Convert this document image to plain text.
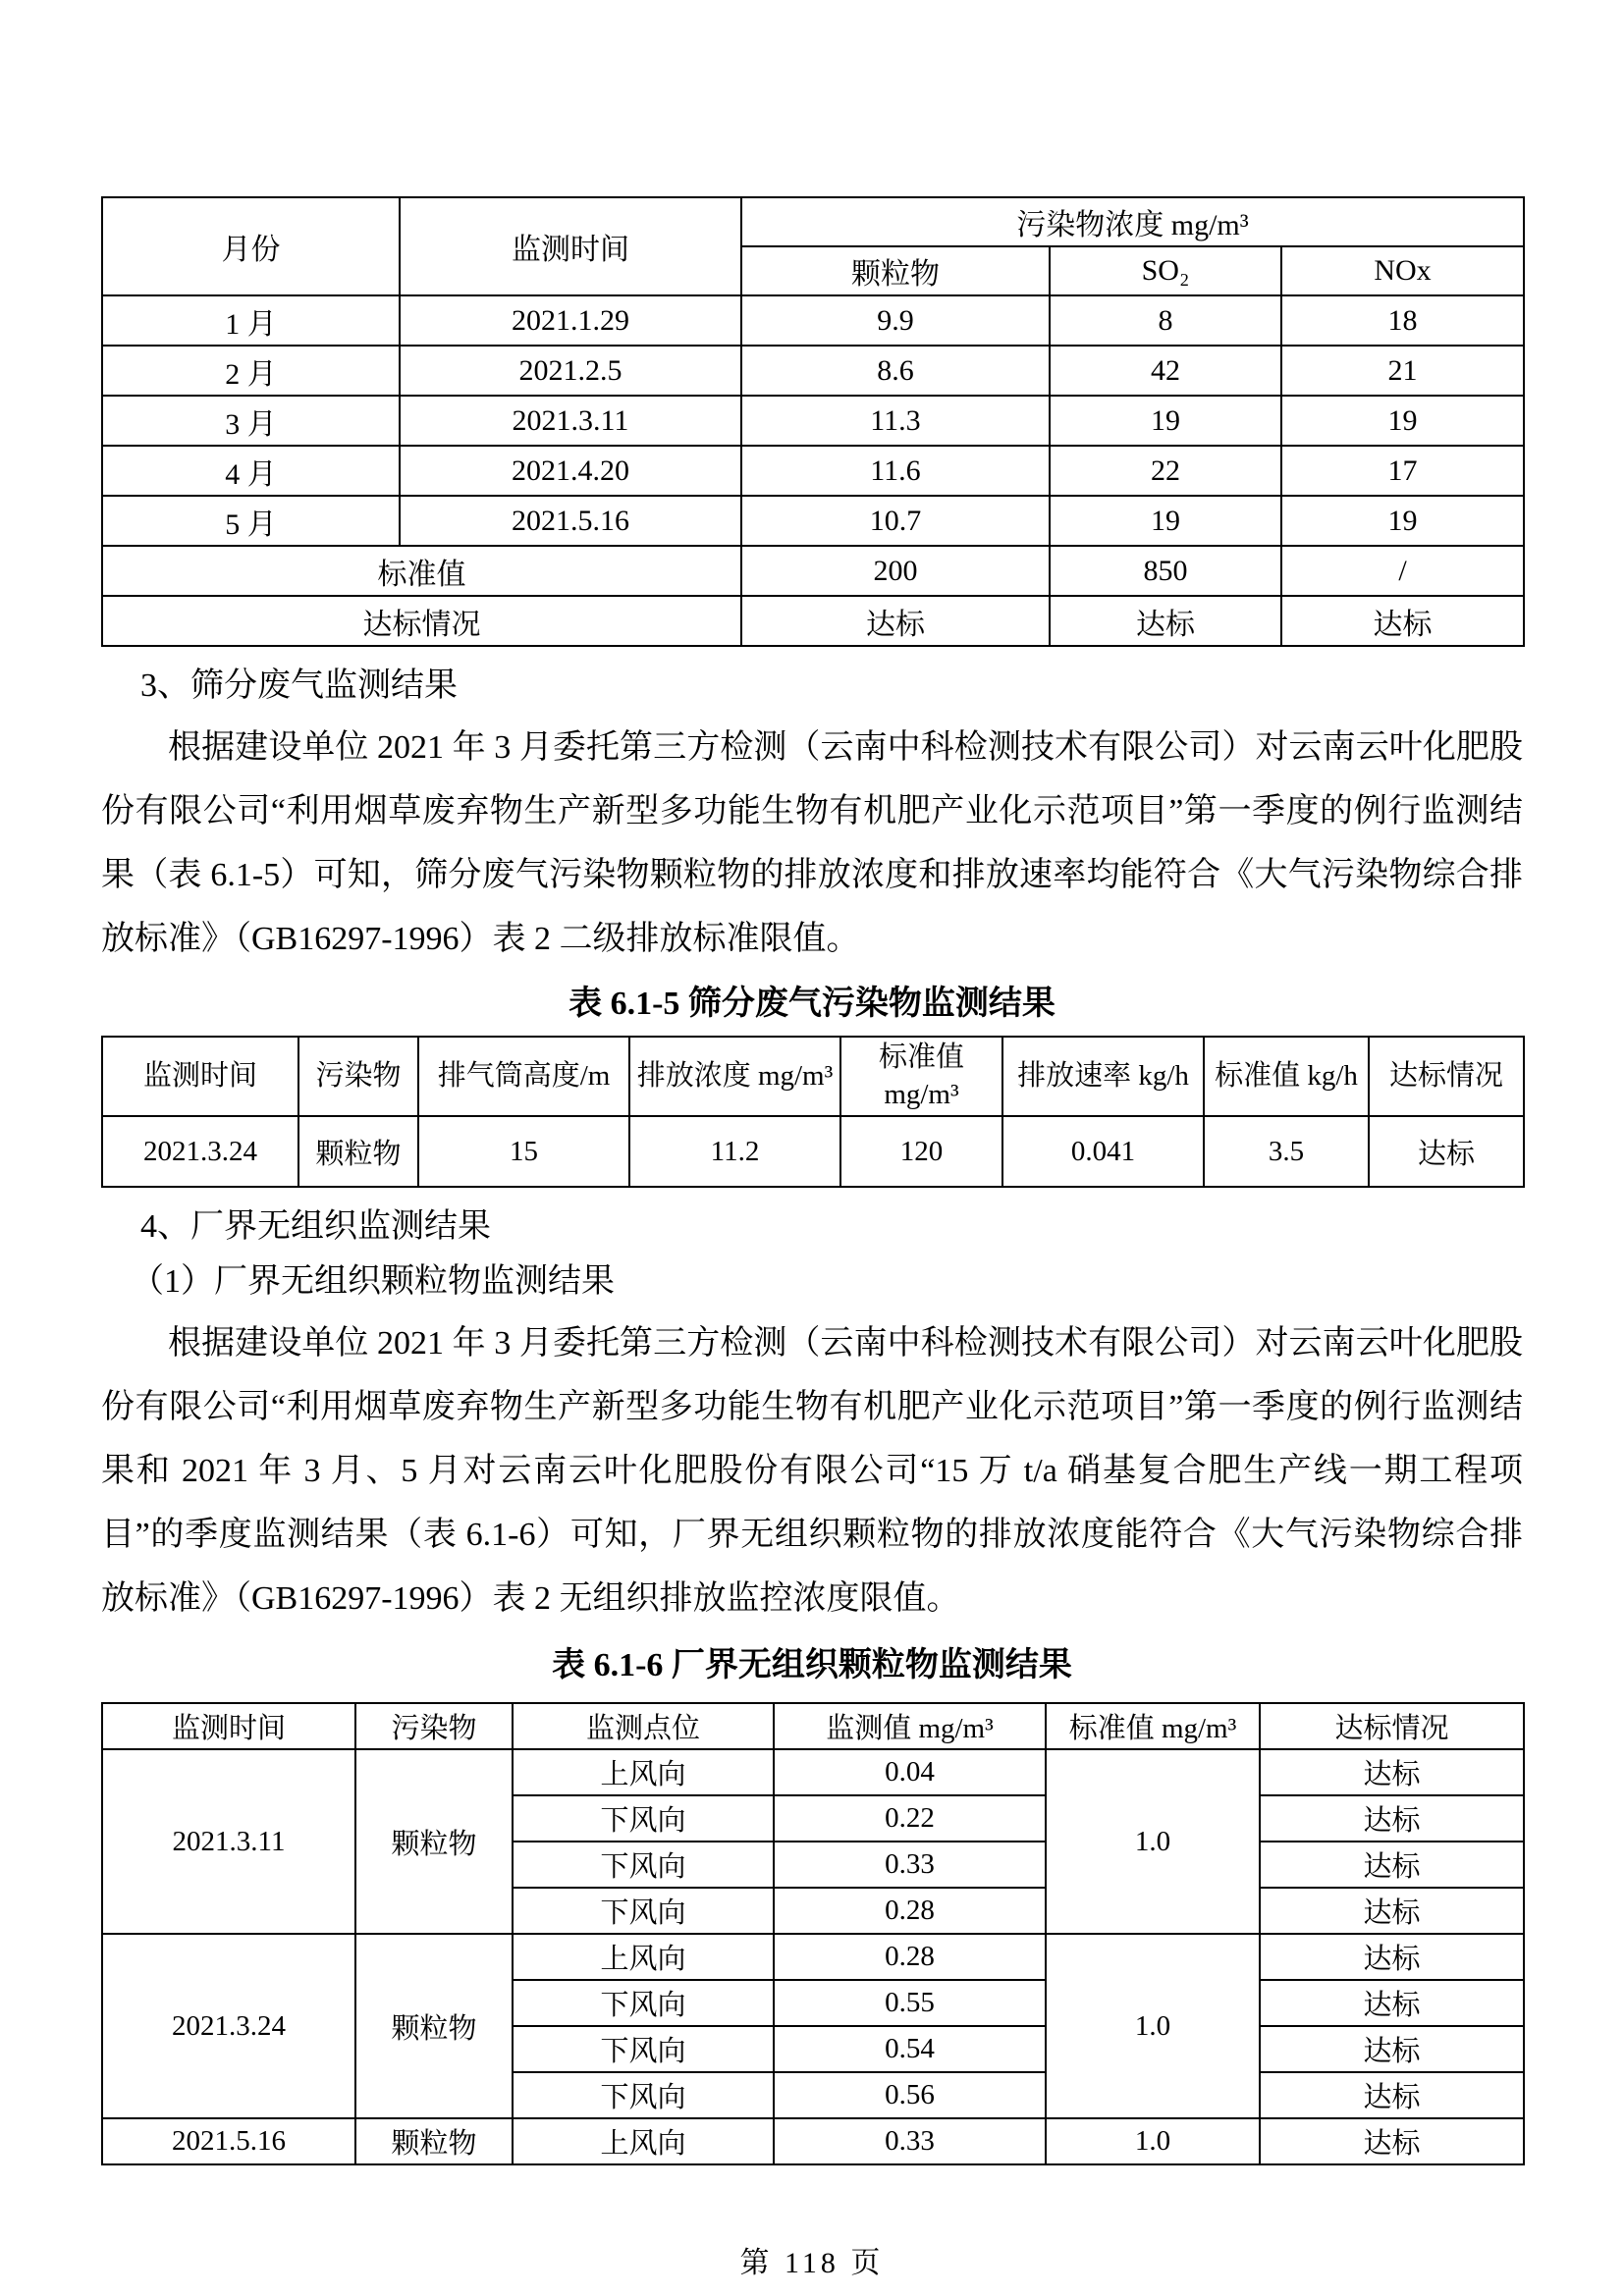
月份	监测时间	污染物浓度 mg/m³		
		颗粒物	SO₂	NOx
1 月	2021.1.29	9.9	8	18
2 月	2021.2.5	8.6	42	21
3 月	2021.3.11	11.3	19	19
4 月	2021.4.20	11.6	22	17
5 月	2021.5.16	10.7	19	19
标准值		200	850	/
达标情况		达标	达标	达标
3、筛分废气监测结果
根据建设单位 2021 年 3 月委托第三方检测（云南中科检测技术有限公司）对云南云叶化肥股份有限公司“利用烟草废弃物生产新型多功能生物有机肥产业化示范项目”第一季度的例行监测结果（表 6.1-5）可知，筛分废气污染物颗粒物的排放浓度和排放速率均能符合《大气污染物综合排放标准》（GB16297-1996）表 2 二级排放标准限值。
表 6.1-5 筛分废气污染物监测结果
监测时间	污染物	排气筒高度/m	排放浓度 mg/m³	标准值 mg/m³	排放速率 kg/h	标准值 kg/h	达标情况
2021.3.24	颗粒物	15	11.2	120	0.041	3.5	达标
4、厂界无组织监测结果
（1）厂界无组织颗粒物监测结果
根据建设单位 2021 年 3 月委托第三方检测（云南中科检测技术有限公司）对云南云叶化肥股份有限公司“利用烟草废弃物生产新型多功能生物有机肥产业化示范项目”第一季度的例行监测结果和 2021 年 3 月、5 月对云南云叶化肥股份有限公司“15 万 t/a 硝基复合肥生产线一期工程项目”的季度监测结果（表 6.1-6）可知，厂界无组织颗粒物的排放浓度能符合《大气污染物综合排放标准》（GB16297-1996）表 2 无组织排放监控浓度限值。
表 6.1-6 厂界无组织颗粒物监测结果
监测时间	污染物	监测点位	监测值 mg/m³	标准值 mg/m³	达标情况
2021.3.11	颗粒物	上风向	0.04	1.0	达标
		下风向	0.22		达标
		下风向	0.33		达标
		下风向	0.28		达标
2021.3.24	颗粒物	上风向	0.28	1.0	达标
		下风向	0.55		达标
		下风向	0.54		达标
		下风向	0.56		达标
2021.5.16	颗粒物	上风向	0.33	1.0	达标
第 118 页
